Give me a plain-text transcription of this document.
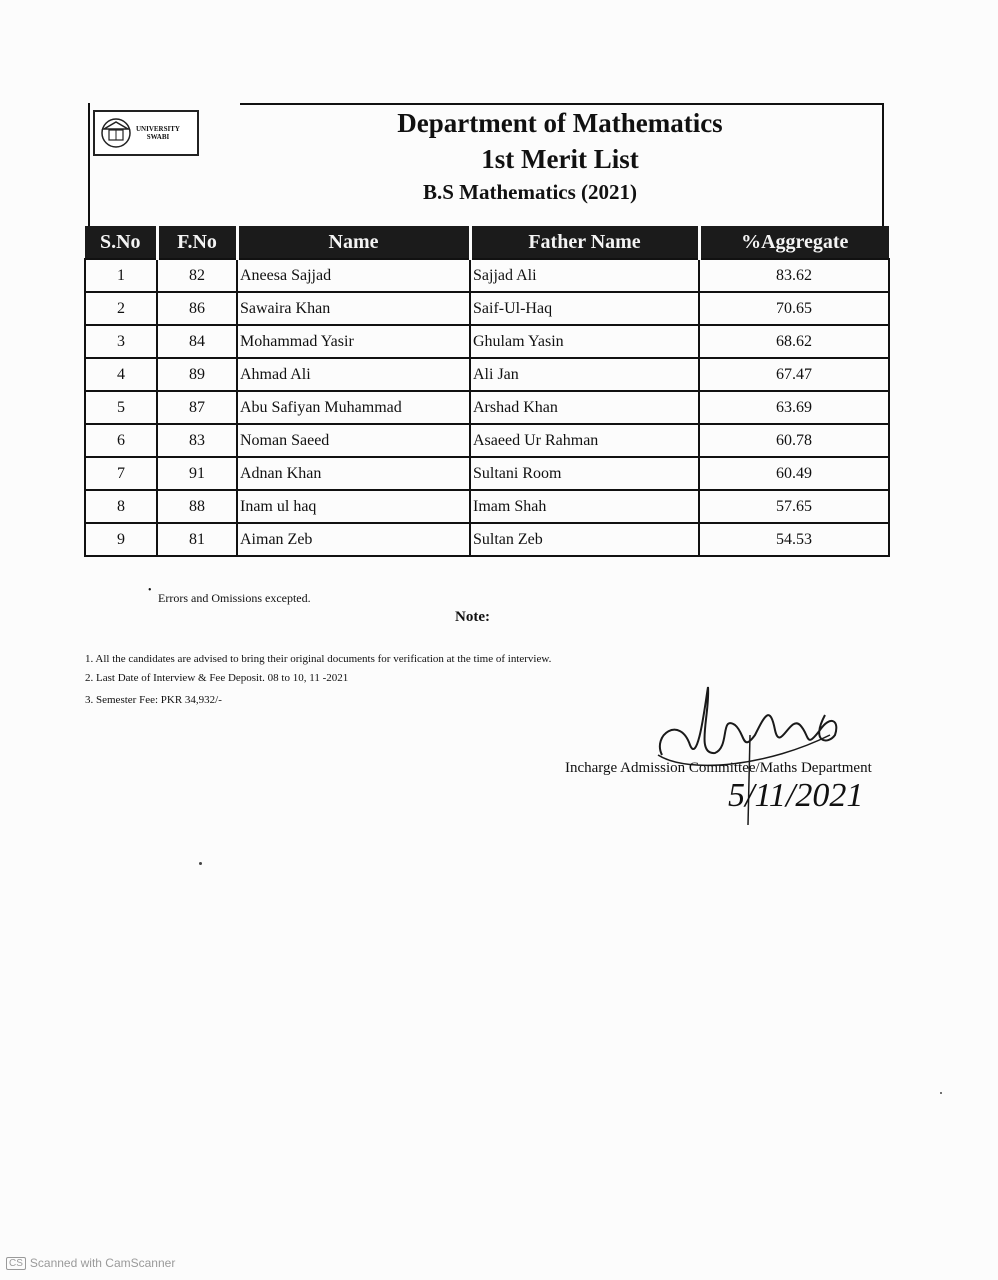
UNIVERSITY
SWABI	Department of Mathematics
1st Merit List
B.S Mathematics (2021)
S.No	F.No	Name	Father Name	%Aggregate
1	82	Aneesa Sajjad	Sajjad Ali	83.62
2	86	Sawaira Khan	Saif-Ul-Haq	70.65
3	84	Mohammad Yasir	Ghulam Yasin	68.62
4	89	Ahmad Ali	Ali Jan	67.47
5	87	Abu Safiyan Muhammad	Arshad Khan	63.69
6	83	Noman Saeed	Asaeed Ur Rahman	60.78
7	91	Adnan Khan	Sultani Room	60.49
8	88	Inam ul haq	Imam Shah	57.65
9	81	Aiman Zeb	Sultan Zeb	54.53
•
Errors and Omissions excepted.
Note:
1. All the candidates are advised to bring their original documents for verification at the time of interview.
2. Last Date of Interview & Fee Deposit. 08 to 10, 11 -2021
3. Semester Fee: PKR 34,932/-
Incharge Admission Committee/Maths Department
5/11/2021
CS Scanned with CamScanner
